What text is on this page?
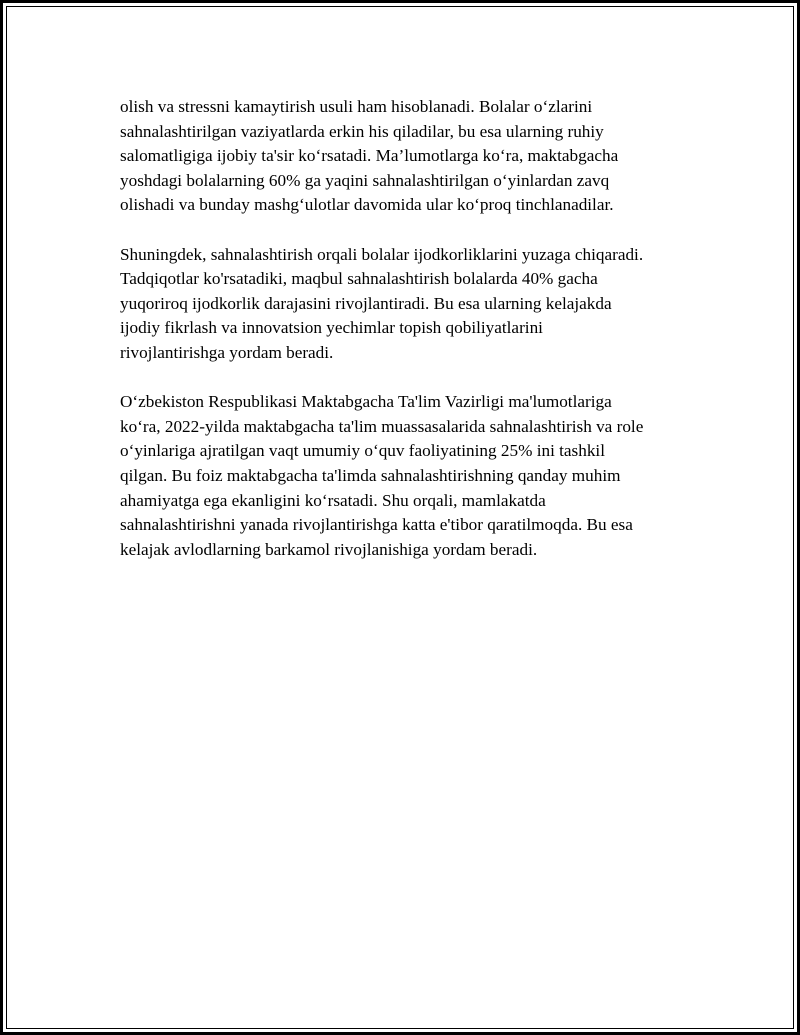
olish va stressni kamaytirish usuli ham hisoblanadi. Bolalar o‘zlarini
sahnalashtirilgan vaziyatlarda erkin his qiladilar, bu esa ularning ruhiy
salomatligiga ijobiy ta'sir ko‘rsatadi. Ma’lumotlarga ko‘ra, maktabgacha
yoshdagi bolalarning 60% ga yaqini sahnalashtirilgan o‘yinlardan zavq
olishadi va bunday mashg‘ulotlar davomida ular ko‘proq tinchlanadilar.

Shuningdek, sahnalashtirish orqali bolalar ijodkorliklarini yuzaga chiqaradi.
Tadqiqotlar ko'rsatadiki, maqbul sahnalashtirish bolalarda 40% gacha
yuqoriroq ijodkorlik darajasini rivojlantiradi. Bu esa ularning kelajakda
ijodiy fikrlash va innovatsion yechimlar topish qobiliyatlarini
rivojlantirishga yordam beradi.

O‘zbekiston Respublikasi Maktabgacha Ta'lim Vazirligi ma'lumotlariga
ko‘ra, 2022-yilda maktabgacha ta'lim muassasalarida sahnalashtirish va role
o‘yinlariga ajratilgan vaqt umumiy o‘quv faoliyatining 25% ini tashkil
qilgan. Bu foiz maktabgacha ta'limda sahnalashtirishning qanday muhim
ahamiyatga ega ekanligini ko‘rsatadi. Shu orqali, mamlakatda
sahnalashtirishni yanada rivojlantirishga katta e'tibor qaratilmoqda. Bu esa
kelajak avlodlarning barkamol rivojlanishiga yordam beradi.
